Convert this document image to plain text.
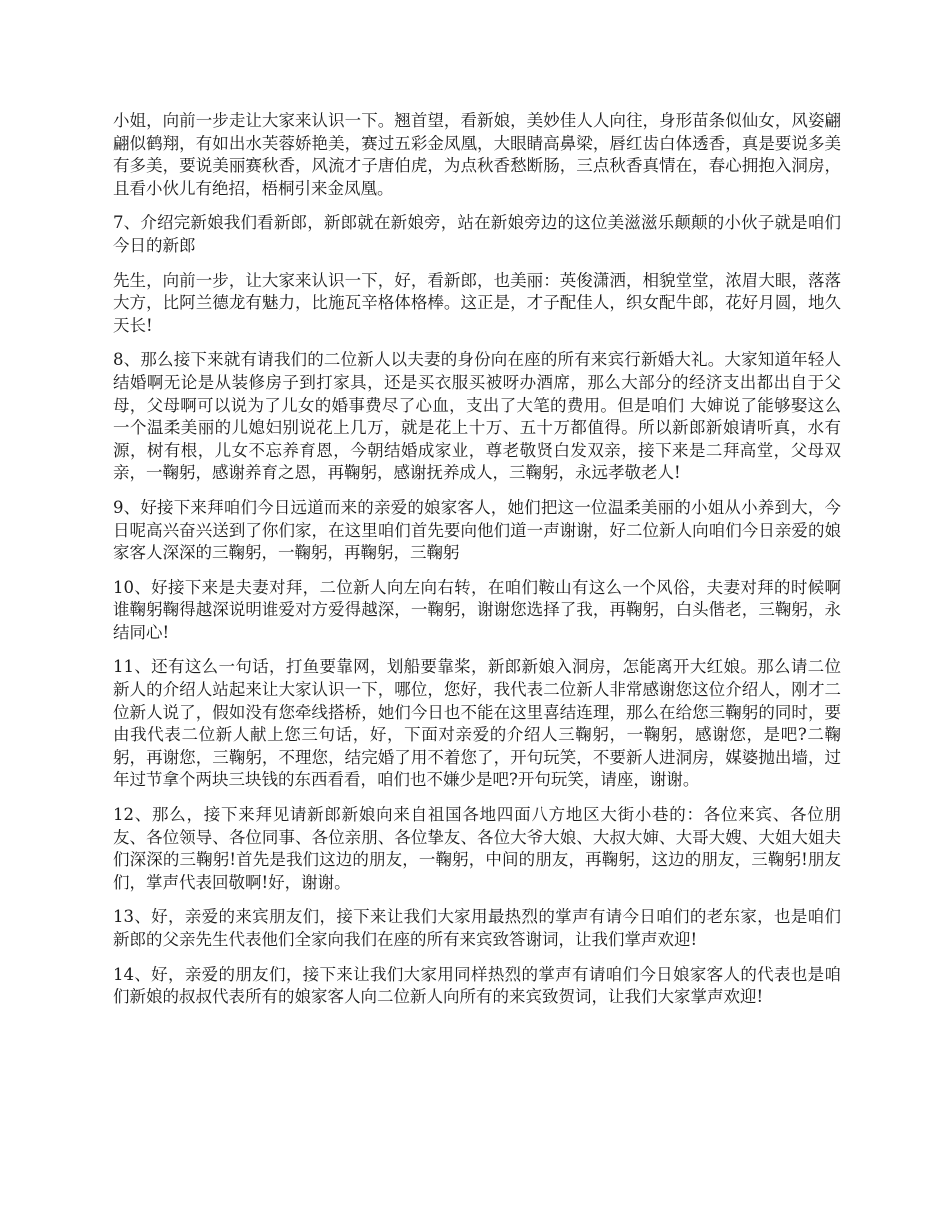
小姐，向前一步走让大家来认识一下。翘首望，看新娘，美妙佳人人向往，身形苗条似仙女，风姿翩翩似鹤翔，有如出水芙蓉娇艳美，赛过五彩金凤凰，大眼睛高鼻梁，唇红齿白体透香，真是要说多美有多美，要说美丽赛秋香，风流才子唐伯虎，为点秋香愁断肠，三点秋香真情在，春心拥抱入洞房，且看小伙儿有绝招，梧桐引来金凤凰。

7、介绍完新娘我们看新郎，新郎就在新娘旁，站在新娘旁边的这位美滋滋乐颠颠的小伙子就是咱们今日的新郎

先生，向前一步，让大家来认识一下，好，看新郎，也美丽：英俊潇洒，相貌堂堂，浓眉大眼，落落大方，比阿兰德龙有魅力，比施瓦辛格体格棒。这正是，才子配佳人，织女配牛郎，花好月圆，地久天长!

8、那么接下来就有请我们的二位新人以夫妻的身份向在座的所有来宾行新婚大礼。大家知道年轻人结婚啊无论是从装修房子到打家具，还是买衣服买被呀办酒席，那么大部分的经济支出都出自于父母，父母啊可以说为了儿女的婚事费尽了心血，支出了大笔的费用。但是咱们 大婶说了能够娶这么一个温柔美丽的儿媳妇别说花上几万，就是花上十万、五十万都值得。所以新郎新娘请听真，水有源，树有根，儿女不忘养育恩，今朝结婚成家业，尊老敬贤白发双亲，接下来是二拜高堂，父母双亲，一鞠躬，感谢养育之恩，再鞠躬，感谢抚养成人，三鞠躬，永远孝敬老人!

9、好接下来拜咱们今日远道而来的亲爱的娘家客人，她们把这一位温柔美丽的小姐从小养到大，今日呢高兴奋兴送到了你们家，在这里咱们首先要向他们道一声谢谢，好二位新人向咱们今日亲爱的娘家客人深深的三鞠躬，一鞠躬，再鞠躬，三鞠躬

10、好接下来是夫妻对拜，二位新人向左向右转，在咱们鞍山有这么一个风俗，夫妻对拜的时候啊谁鞠躬鞠得越深说明谁爱对方爱得越深，一鞠躬，谢谢您选择了我，再鞠躬，白头偕老，三鞠躬，永结同心!

11、还有这么一句话，打鱼要靠网，划船要靠桨，新郎新娘入洞房，怎能离开大红娘。那么请二位新人的介绍人站起来让大家认识一下，哪位，您好，我代表二位新人非常感谢您这位介绍人，刚才二位新人说了，假如没有您牵线搭桥，她们今日也不能在这里喜结连理，那么在给您三鞠躬的同时，要由我代表二位新人献上您三句话，好，下面对亲爱的介绍人三鞠躬，一鞠躬，感谢您，是吧?二鞠躬，再谢您，三鞠躬，不理您，结完婚了用不着您了，开句玩笑，不要新人进洞房，媒婆抛出墙，过年过节拿个两块三块钱的东西看看，咱们也不嫌少是吧?开句玩笑，请座，谢谢。

12、那么，接下来拜见请新郎新娘向来自祖国各地四面八方地区大街小巷的：各位来宾、各位朋友、各位领导、各位同事、各位亲朋、各位挚友、各位大爷大娘、大叔大婶、大哥大嫂、大姐大姐夫们深深的三鞠躬!首先是我们这边的朋友，一鞠躬，中间的朋友，再鞠躬，这边的朋友，三鞠躬!朋友们，掌声代表回敬啊!好，谢谢。

13、好，亲爱的来宾朋友们，接下来让我们大家用最热烈的掌声有请今日咱们的老东家，也是咱们新郎的父亲先生代表他们全家向我们在座的所有来宾致答谢词，让我们掌声欢迎!

14、好，亲爱的朋友们，接下来让我们大家用同样热烈的掌声有请咱们今日娘家客人的代表也是咱们新娘的叔叔代表所有的娘家客人向二位新人向所有的来宾致贺词，让我们大家掌声欢迎!
